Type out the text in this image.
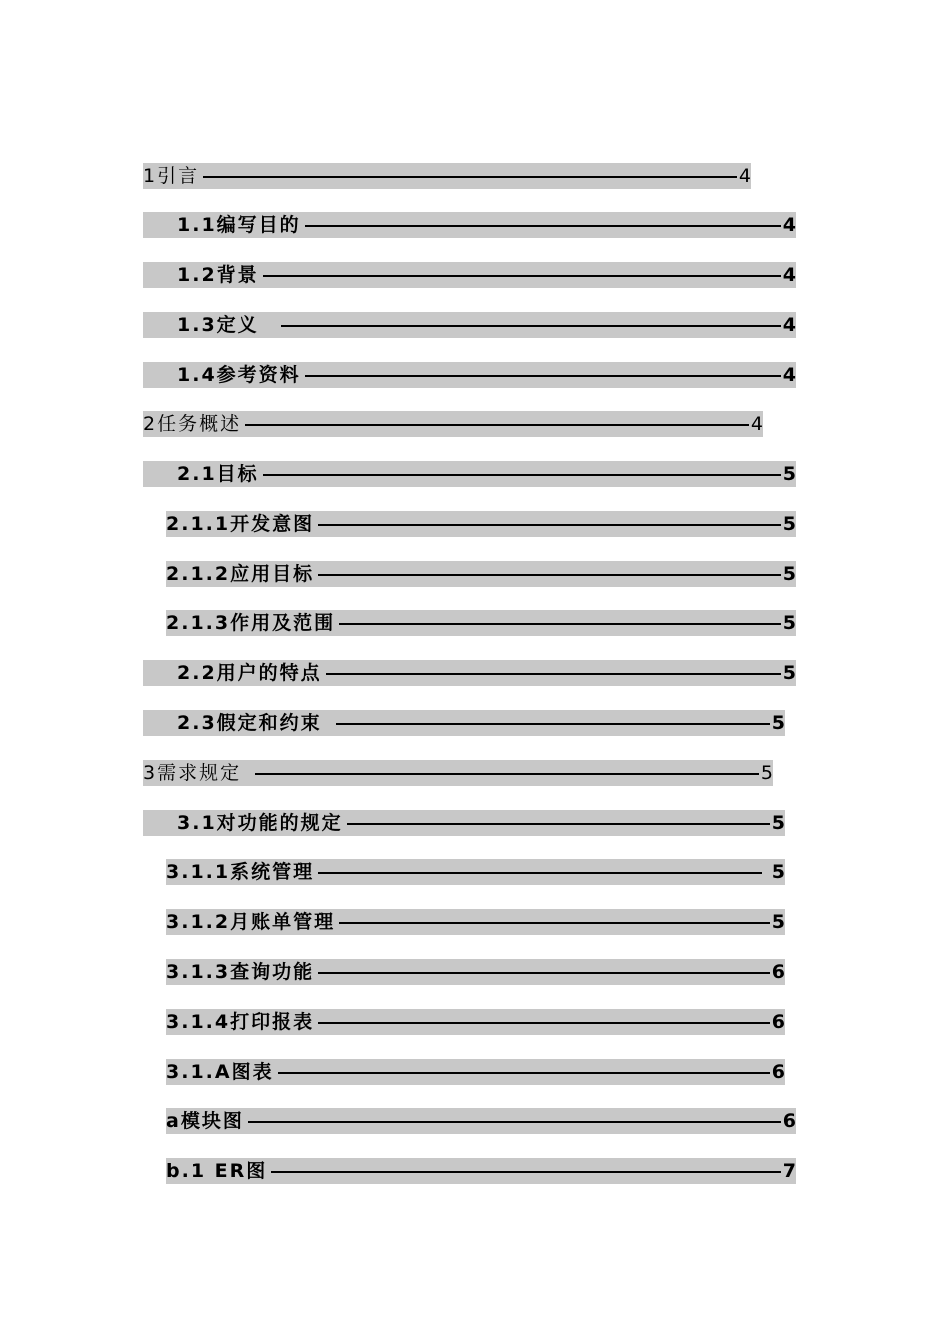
1引言	4
1.1编写目的	4
1.2背景	4
1.3定义	4
1.4参考资料	4
2任务概述	4
2.1目标	5
2.1.1开发意图	5
2.1.2应用目标	5
2.1.3作用及范围	5
2.2用户的特点	5
2.3假定和约束	5
3需求规定	5
3.1对功能的规定	5
3.1.1系统管理	5
3.1.2月账单管理	5
3.1.3查询功能	6
3.1.4打印报表	6
3.1.A图表	6
a模块图	6
b.1 ER图	7
